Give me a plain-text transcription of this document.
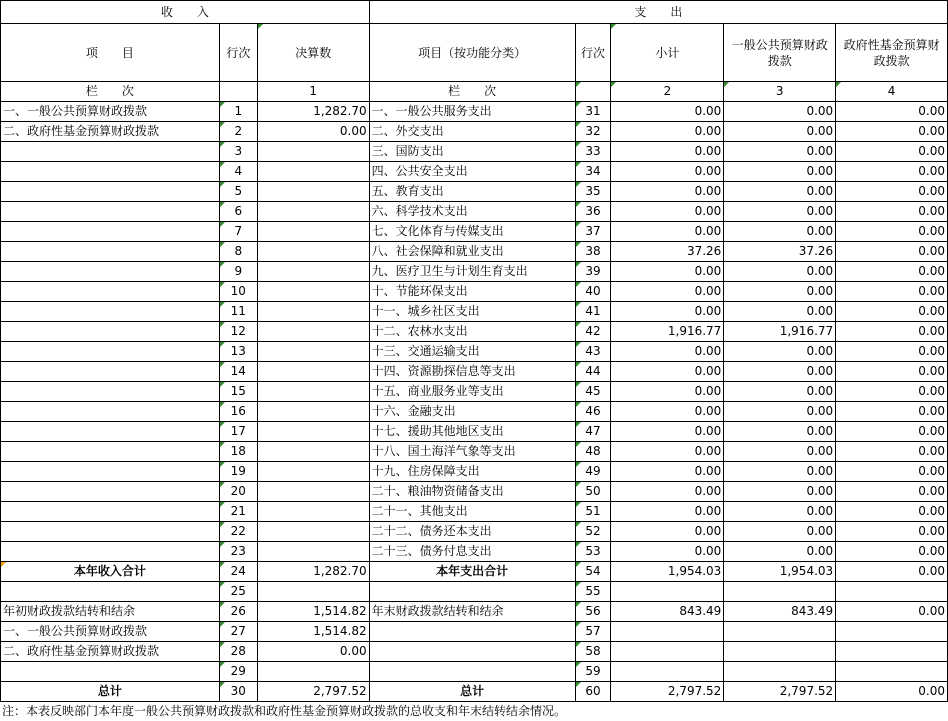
收　　入			支　　出				
项　　目	行次	决算数	项目（按功能分类）	行次	小计	一般公共预算财政拨款	政府性基金预算财政拨款
栏　　次		1	栏　　次		2	3	4
一、一般公共预算财政拨款	1	1,282.70	一、一般公共服务支出	31	0.00	0.00	0.00
二、政府性基金预算财政拨款	2	0.00	二、外交支出	32	0.00	0.00	0.00
	3		三、国防支出	33	0.00	0.00	0.00
	4		四、公共安全支出	34	0.00	0.00	0.00
	5		五、教育支出	35	0.00	0.00	0.00
	6		六、科学技术支出	36	0.00	0.00	0.00
	7		七、文化体育与传媒支出	37	0.00	0.00	0.00
	8		八、社会保障和就业支出	38	37.26	37.26	0.00
	9		九、医疗卫生与计划生育支出	39	0.00	0.00	0.00
	10		十、节能环保支出	40	0.00	0.00	0.00
	11		十一、城乡社区支出	41	0.00	0.00	0.00
	12		十二、农林水支出	42	1,916.77	1,916.77	0.00
	13		十三、交通运输支出	43	0.00	0.00	0.00
	14		十四、资源勘探信息等支出	44	0.00	0.00	0.00
	15		十五、商业服务业等支出	45	0.00	0.00	0.00
	16		十六、金融支出	46	0.00	0.00	0.00
	17		十七、援助其他地区支出	47	0.00	0.00	0.00
	18		十八、国土海洋气象等支出	48	0.00	0.00	0.00
	19		十九、住房保障支出	49	0.00	0.00	0.00
	20		二十、粮油物资储备支出	50	0.00	0.00	0.00
	21		二十一、其他支出	51	0.00	0.00	0.00
	22		二十二、债务还本支出	52	0.00	0.00	0.00
	23		二十三、债务付息支出	53	0.00	0.00	0.00
本年收入合计	24	1,282.70	本年支出合计	54	1,954.03	1,954.03	0.00
	25			55			
年初财政拨款结转和结余	26	1,514.82	年末财政拨款结转和结余	56	843.49	843.49	0.00
一、一般公共预算财政拨款	27	1,514.82		57			
二、政府性基金预算财政拨款	28	0.00		58			
	29			59			
总计	30	2,797.52	总计	60	2,797.52	2,797.52	0.00
注：本表反映部门本年度一般公共预算财政拨款和政府性基金预算财政拨款的总收支和年末结转结余情况。
